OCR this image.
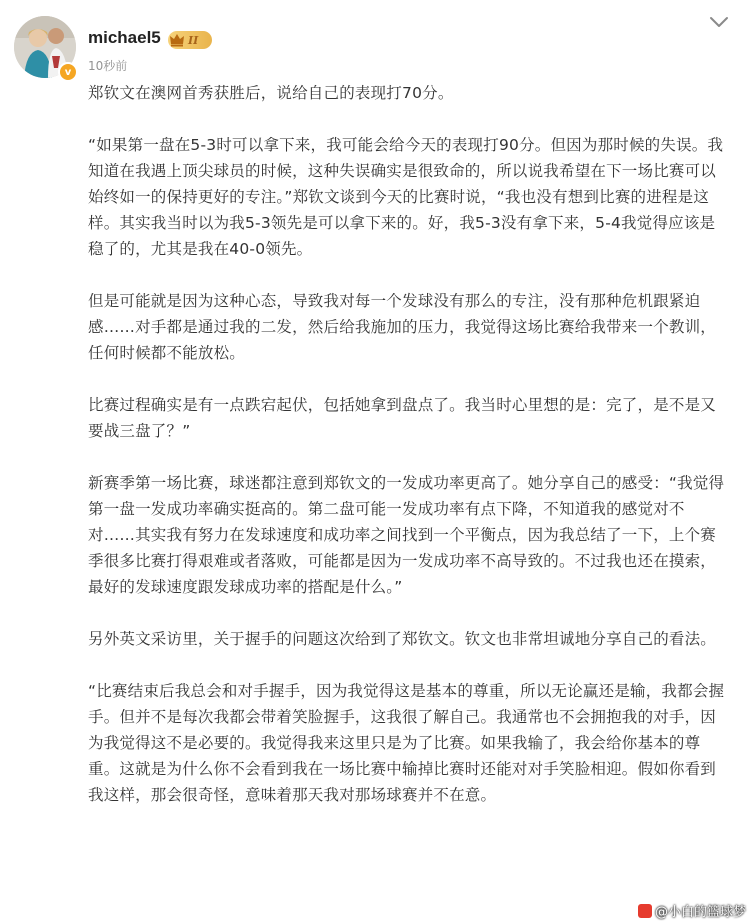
v
michael5 II
10秒前

郑钦文在澳网首秀获胜后，说给自己的表现打70分。

“如果第一盘在5-3时可以拿下来，我可能会给今天的表现打90分。但因为那时候的失误。我知道在我遇上顶尖球员的时候，这种失误确实是很致命的，所以说我希望在下一场比赛可以始终如一的保持更好的专注。”郑钦文谈到今天的比赛时说，“我也没有想到比赛的进程是这样。其实我当时以为我5-3领先是可以拿下来的。好，我5-3没有拿下来，5-4我觉得应该是稳了的，尤其是我在40-0领先。

但是可能就是因为这种心态，导致我对每一个发球没有那么的专注，没有那种危机跟紧迫感……对手都是通过我的二发，然后给我施加的压力，我觉得这场比赛给我带来一个教训，任何时候都不能放松。

比赛过程确实是有一点跌宕起伏，包括她拿到盘点了。我当时心里想的是：完了，是不是又要战三盘了？”

新赛季第一场比赛，球迷都注意到郑钦文的一发成功率更高了。她分享自己的感受：“我觉得第一盘一发成功率确实挺高的。第二盘可能一发成功率有点下降，不知道我的感觉对不对……其实我有努力在发球速度和成功率之间找到一个平衡点，因为我总结了一下，上个赛季很多比赛打得艰难或者落败，可能都是因为一发成功率不高导致的。不过我也还在摸索，最好的发球速度跟发球成功率的搭配是什么。”

另外英文采访里，关于握手的问题这次给到了郑钦文。钦文也非常坦诚地分享自己的看法。

“比赛结束后我总会和对手握手，因为我觉得这是基本的尊重，所以无论赢还是输，我都会握手。但并不是每次我都会带着笑脸握手，这我很了解自己。我通常也不会拥抱我的对手，因为我觉得这不是必要的。我觉得我来这里只是为了比赛。如果我输了，我会给你基本的尊重。这就是为什么你不会看到我在一场比赛中输掉比赛时还能对对手笑脸相迎。假如你看到我这样，那会很奇怪，意味着那天我对那场球赛并不在意。

@小白的篮球梦
